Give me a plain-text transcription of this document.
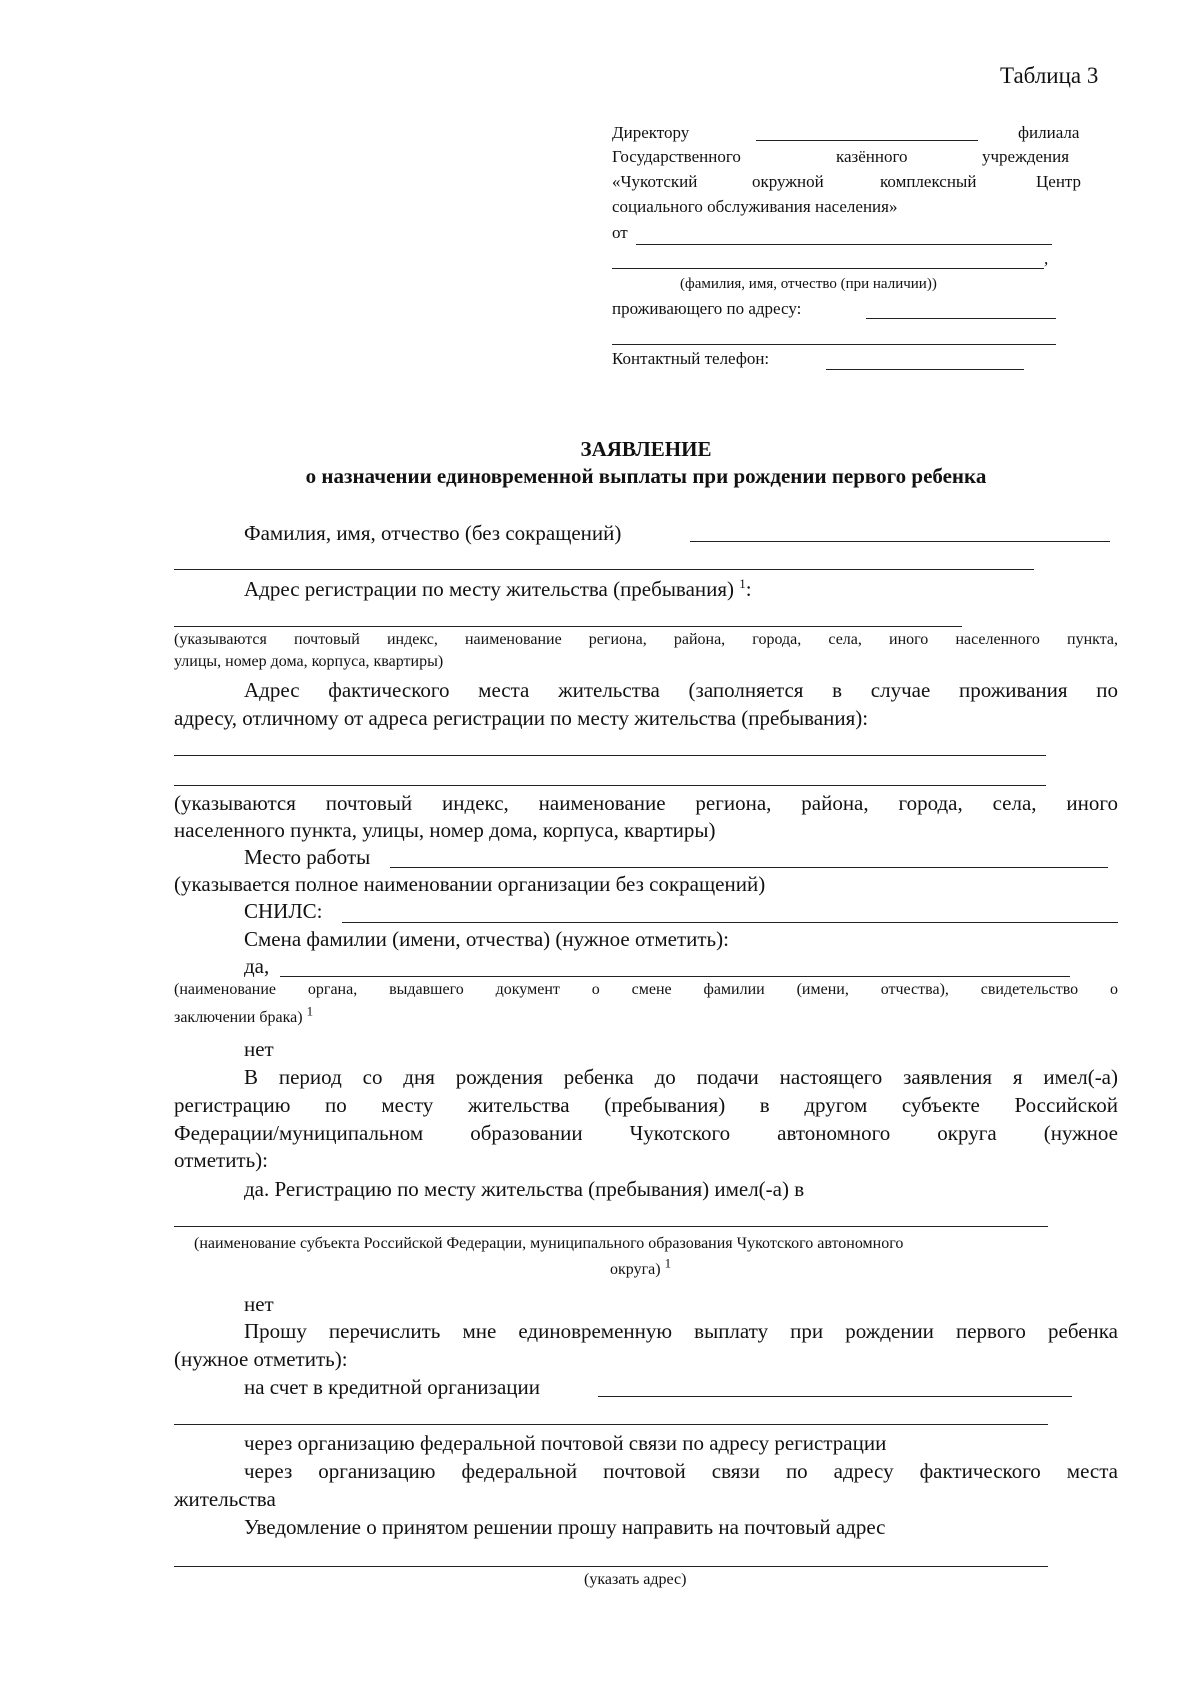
Таблица 3
Директору	филиала
Государственного	казённого	учреждения
«Чукотский	окружной	комплексный	Центр
социального обслуживания населения»
от
,
(фамилия, имя, отчество (при наличии))
проживающего по адресу:
Контактный телефон:
ЗАЯВЛЕНИЕ
о назначении единовременной выплаты при рождении первого ребенка
Фамилия, имя, отчество (без сокращений)
Адрес регистрации по месту жительства (пребывания) $^1$:
(указываются почтовый индекс, наименование региона, района, города, села, иного населенного пункта,
улицы, номер дома, корпуса, квартиры)
Адрес фактического места жительства (заполняется в случае проживания по
адресу, отличному от адреса регистрации по месту жительства (пребывания):
(указываются почтовый индекс, наименование региона, района, города, села, иного
населенного пункта, улицы, номер дома, корпуса, квартиры)
Место работы
(указывается полное наименовании организации без сокращений)
СНИЛС:
Смена фамилии (имени, отчества) (нужное отметить):
да,
(наименование органа, выдавшего документ о смене фамилии (имени, отчества), свидетельство о
заключении брака) $^1$
нет
В период со дня рождения ребенка до подачи настоящего заявления я имел(-а)
регистрацию по месту жительства (пребывания) в другом субъекте Российской
Федерации/муниципальном образовании Чукотского автономного округа (нужное
отметить):
да. Регистрацию по месту жительства (пребывания) имел(-а) в
(наименование субъекта Российской Федерации, муниципального образования Чукотского автономного
округа) $^1$
нет
Прошу перечислить мне единовременную выплату при рождении первого ребенка
(нужное отметить):
на счет в кредитной организации
через организацию федеральной почтовой связи по адресу регистрации
через организацию федеральной почтовой связи по адресу фактического места
жительства
Уведомление о принятом решении прошу направить на почтовый адрес
(указать адрес)
